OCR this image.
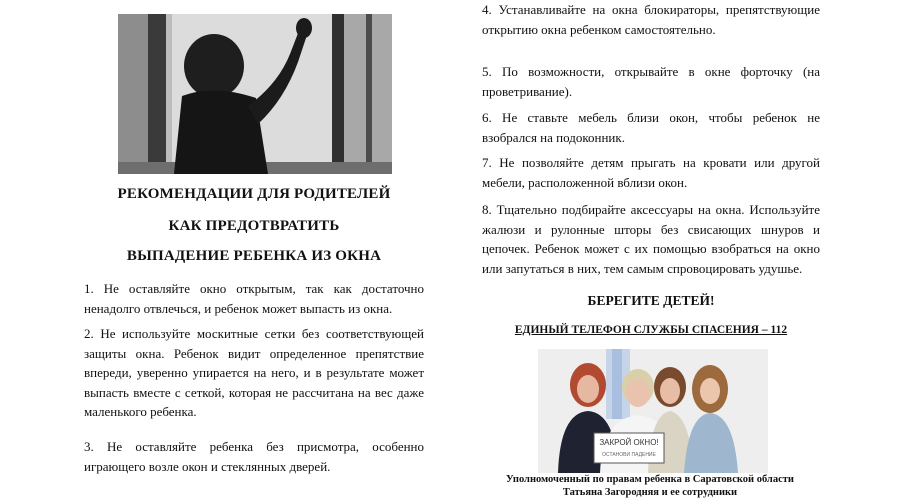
РЕКОМЕНДАЦИИ ДЛЯ РОДИТЕЛЕЙ
КАК ПРЕДОТВРАТИТЬ
ВЫПАДЕНИЕ РЕБЕНКА ИЗ ОКНА

1. Не оставляйте окно открытым, так как достаточно ненадолго отвлечься, и ребенок может выпасть из окна.

2. Не используйте москитные сетки без соответствующей защиты окна. Ребенок видит определенное препятствие впереди, уверенно упирается на него, и в результате может выпасть вместе с сеткой, которая не рассчитана на вес даже маленького ребенка.

3. Не оставляйте ребенка без присмотра, особенно играющего возле окон и стеклянных дверей.

4. Устанавливайте на окна блокираторы, препятствующие открытию окна ребенком самостоятельно.

5. По возможности, открывайте в окне форточку (на проветривание).

6. Не ставьте мебель близи окон, чтобы ребенок не взобрался на подоконник.

7. Не позволяйте детям прыгать на кровати или другой мебели, расположенной вблизи окон.

8. Тщательно подбирайте аксессуары на окна. Используйте жалюзи и рулонные шторы без свисающих шнуров и цепочек. Ребенок может с их помощью взобраться на окно или запутаться в них, тем самым спровоцировать удушье.

БЕРЕГИТЕ ДЕТЕЙ!
ЕДИНЫЙ ТЕЛЕФОН СЛУЖБЫ СПАСЕНИЯ – 112
ЗАКРОЙ ОКНО!
ОСТАНОВИ ПАДЕНИЕ
Уполномоченный по правам ребенка в Саратовской области
Татьяна Загородняя и ее сотрудники
